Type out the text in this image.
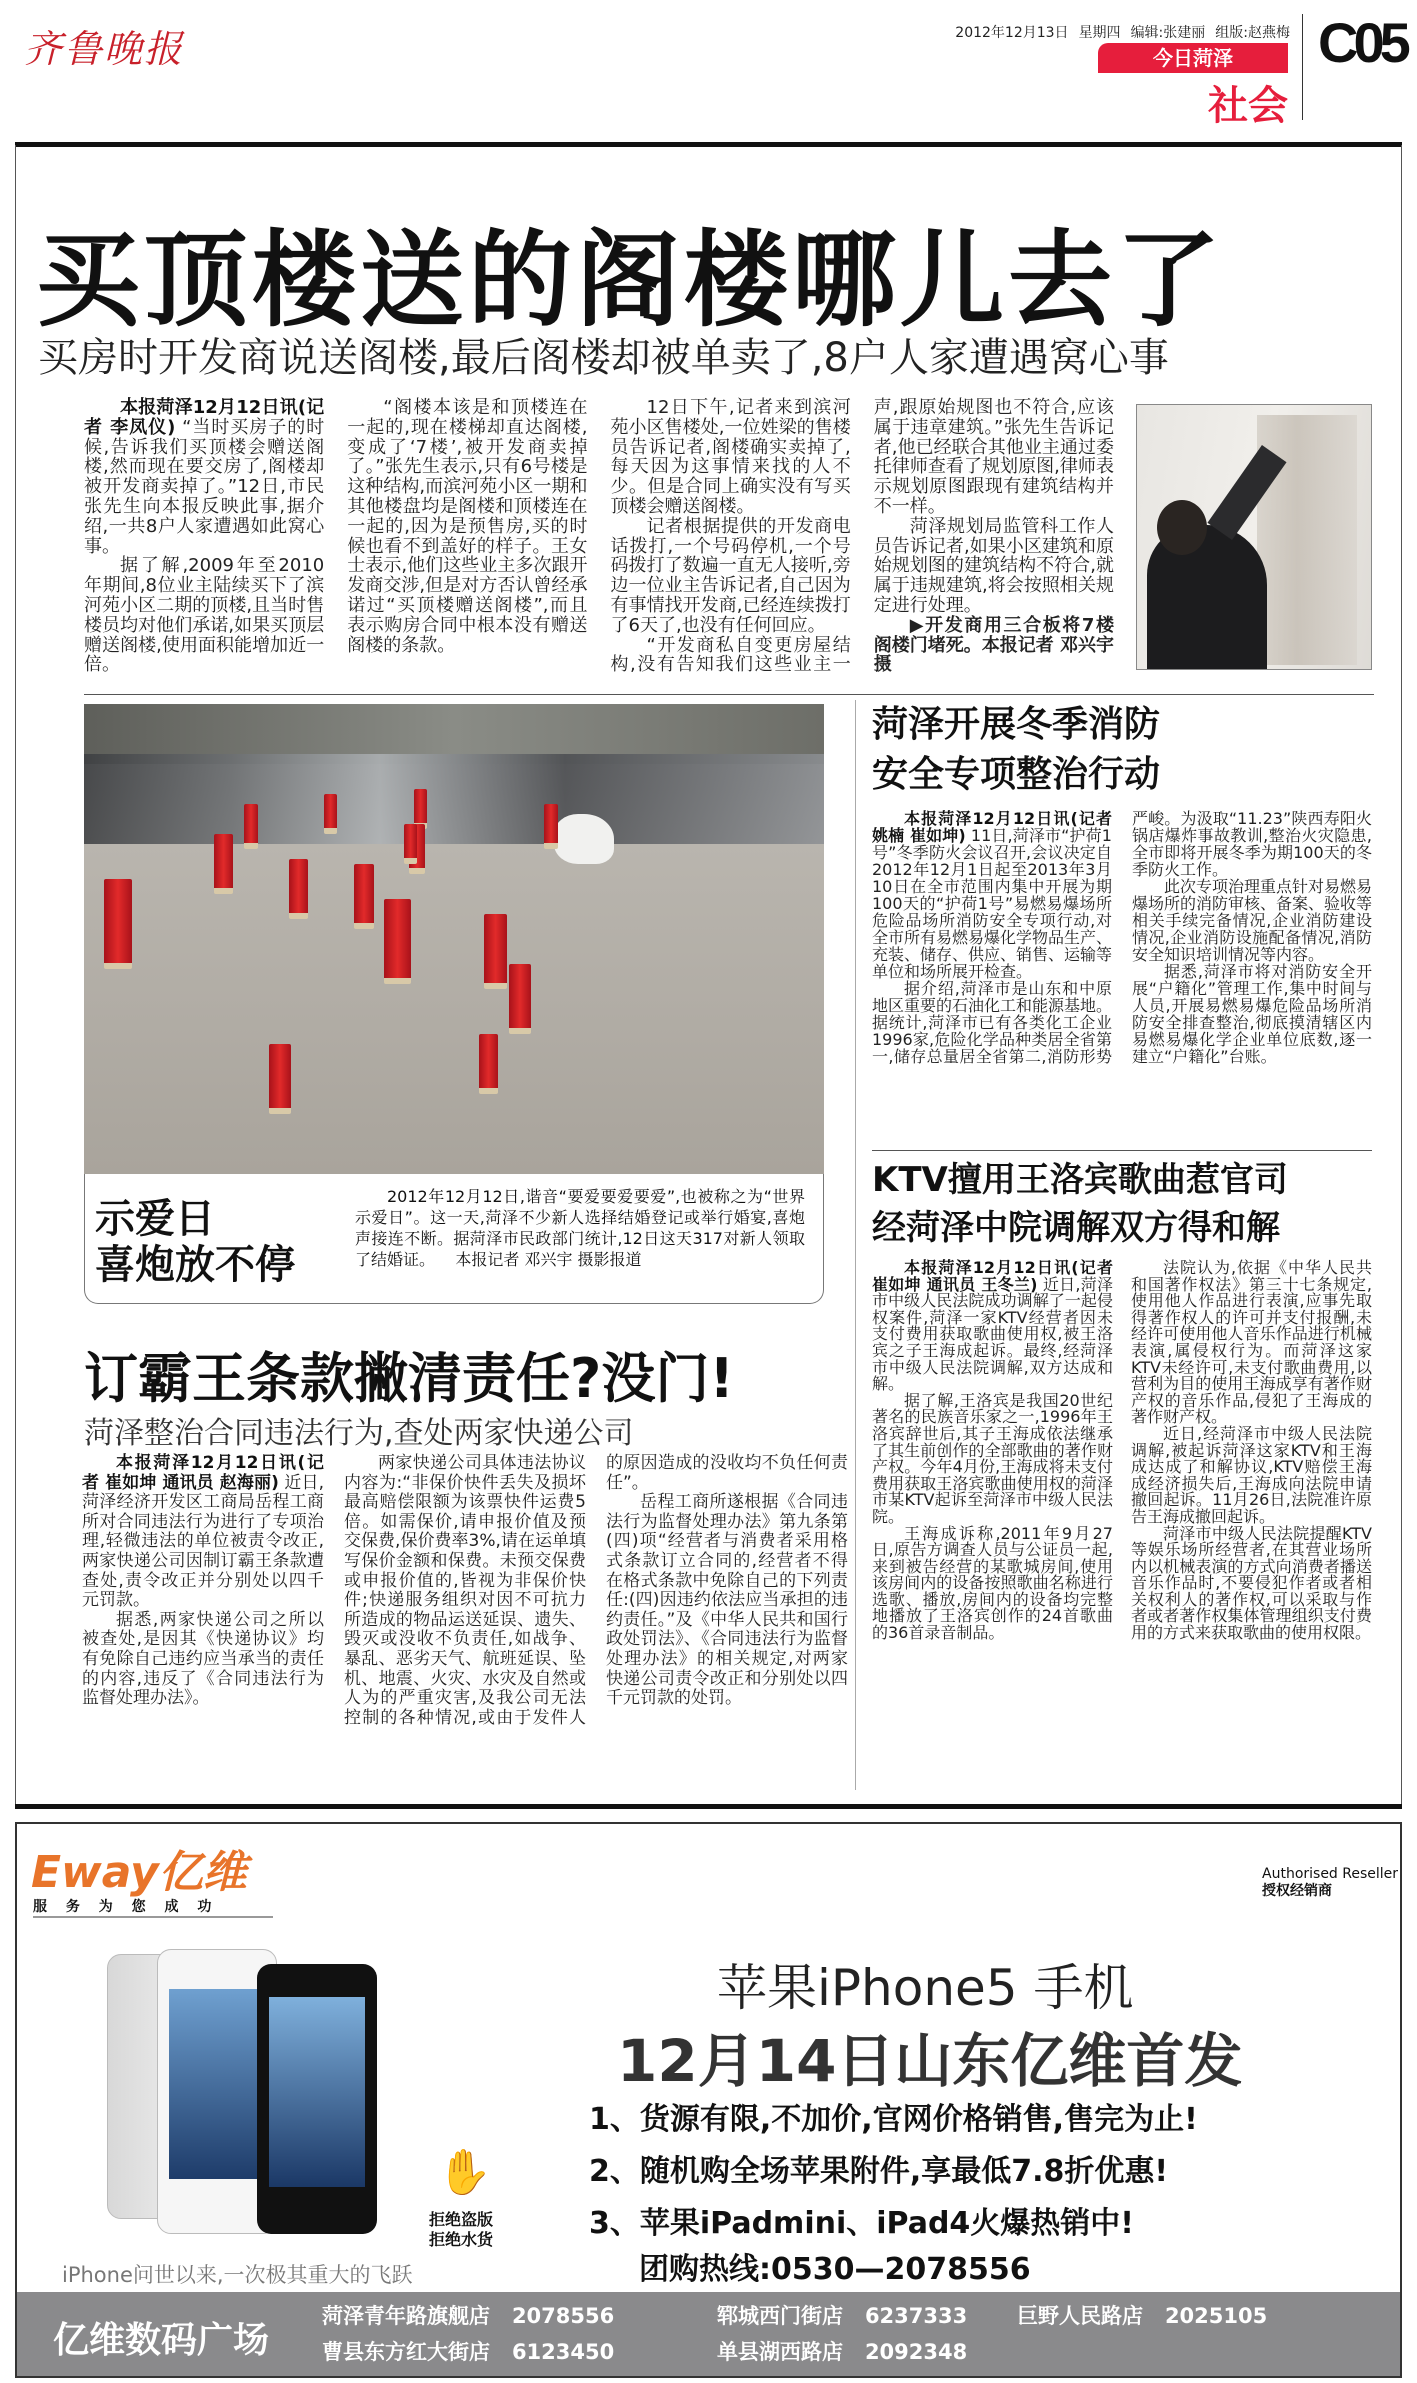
齐鲁晚报	2012年12月13日 星期四 编辑:张建丽 组版:赵燕梅
今日菏泽
社会
C05
买顶楼送的阁楼哪儿去了
买房时开发商说送阁楼,最后阁楼却被单卖了,8户人家遭遇窝心事

本报菏泽12月12日讯(记者 李凤仪) “当时买房子的时候,告诉我们买顶楼会赠送阁楼,然而现在要交房了,阁楼却被开发商卖掉了。”12日,市民张先生向本报反映此事,据介绍,一共8户人家遭遇如此窝心事。

据了解,2009年至2010年期间,8位业主陆续买下了滨河苑小区二期的顶楼,且当时售楼员均对他们承诺,如果买顶层赠送阁楼,使用面积能增加近一倍。

“阁楼本该是和顶楼连在一起的,现在楼梯却直达阁楼,变成了‘7楼’,被开发商卖掉了。”张先生表示,只有6号楼是这种结构,而滨河苑小区一期和其他楼盘均是阁楼和顶楼连在一起的,因为是预售房,买的时候也看不到盖好的样子。王女士表示,他们这些业主多次跟开发商交涉,但是对方否认曾经承诺过“买顶楼赠送阁楼”,而且表示购房合同中根本没有赠送阁楼的条款。

12日下午,记者来到滨河苑小区售楼处,一位姓梁的售楼员告诉记者,阁楼确实卖掉了,每天因为这事情来找的人不少。但是合同上确实没有写买顶楼会赠送阁楼。

记者根据提供的开发商电话拨打,一个号码停机,一个号码拨打了数遍一直无人接听,旁边一位业主告诉记者,自己因为有事情找开发商,已经连续拨打了6天了,也没有任何回应。

“开发商私自变更房屋结构,没有告知我们这些业主一声,跟原始规图也不符合,应该属于违章建筑。”张先生告诉记者,他已经联合其他业主通过委托律师查看了规划原图,律师表示规划原图跟现有建筑结构并不一样。

菏泽规划局监管科工作人员告诉记者,如果小区建筑和原始规划图的建筑结构不符合,就属于违规建筑,将会按照相关规定进行处理。

▶开发商用三合板将7楼阁楼门堵死。本报记者 邓兴宇 摄

示爱日
喜炮放不停
2012年12月12日,谐音“要爱要爱要爱”,也被称之为“世界示爱日”。这一天,菏泽不少新人选择结婚登记或举行婚宴,喜炮声接连不断。据菏泽市民政部门统计,12日这天317对新人领取了结婚证。 本报记者 邓兴宇 摄影报道
菏泽开展冬季消防
安全专项整治行动

本报菏泽12月12日讯(记者 姚楠 崔如坤) 11日,菏泽市“护荷1号”冬季防火会议召开,会议决定自2012年12月1日起至2013年3月10日在全市范围内集中开展为期100天的“护荷1号”易燃易爆场所危险品场所消防安全专项行动,对全市所有易燃易爆化学物品生产、充装、储存、供应、销售、运输等单位和场所展开检查。

据介绍,菏泽市是山东和中原地区重要的石油化工和能源基地。据统计,菏泽市已有各类化工企业1996家,危险化学品种类居全省第一,储存总量居全省第二,消防形势严峻。为汲取“11.23”陕西寿阳火锅店爆炸事故教训,整治火灾隐患,全市即将开展冬季为期100天的冬季防火工作。

此次专项治理重点针对易燃易爆场所的消防审核、备案、验收等相关手续完备情况,企业消防建设情况,企业消防设施配备情况,消防安全知识培训情况等内容。

据悉,菏泽市将对消防安全开展“户籍化”管理工作,集中时间与人员,开展易燃易爆危险品场所消防安全排查整治,彻底摸清辖区内易燃易爆化学企业单位底数,逐一建立“户籍化”台账。

KTV擅用王洛宾歌曲惹官司
经菏泽中院调解双方得和解

本报菏泽12月12日讯(记者 崔如坤 通讯员 王冬兰) 近日,菏泽市中级人民法院成功调解了一起侵权案件,菏泽一家KTV经营者因未支付费用获取歌曲使用权,被王洛宾之子王海成起诉。最终,经菏泽市中级人民法院调解,双方达成和解。

据了解,王洛宾是我国20世纪著名的民族音乐家之一,1996年王洛宾辞世后,其子王海成依法继承了其生前创作的全部歌曲的著作财产权。今年4月份,王海成将未支付费用获取王洛宾歌曲使用权的菏泽市某KTV起诉至菏泽市中级人民法院。

王海成诉称,2011年9月27日,原告方调查人员与公证员一起,来到被告经营的某歌城房间,使用该房间内的设备按照歌曲名称进行选歌、播放,房间内的设备均完整地播放了王洛宾创作的24首歌曲的36首录音制品。

法院认为,依据《中华人民共和国著作权法》第三十七条规定,使用他人作品进行表演,应事先取得著作权人的许可并支付报酬,未经许可使用他人音乐作品进行机械表演,属侵权行为。而菏泽这家KTV未经许可,未支付歌曲费用,以营利为目的使用王海成享有著作财产权的音乐作品,侵犯了王海成的著作财产权。

近日,经菏泽市中级人民法院调解,被起诉菏泽这家KTV和王海成达成了和解协议,KTV赔偿王海成经济损失后,王海成向法院申请撤回起诉。11月26日,法院准许原告王海成撤回起诉。

菏泽市中级人民法院提醒KTV等娱乐场所经营者,在其营业场所内以机械表演的方式向消费者播送音乐作品时,不要侵犯作者或者相关权利人的著作权,可以采取与作者或者著作权集体管理组织支付费用的方式来获取歌曲的使用权限。

订霸王条款撇清责任?没门!
菏泽整治合同违法行为,查处两家快递公司

本报菏泽12月12日讯(记者 崔如坤 通讯员 赵海丽) 近日,菏泽经济开发区工商局岳程工商所对合同违法行为进行了专项治理,轻微违法的单位被责令改正,两家快递公司因制订霸王条款遭查处,责令改正并分别处以四千元罚款。

据悉,两家快递公司之所以被查处,是因其《快递协议》均有免除自己违约应当承当的责任的内容,违反了《合同违法行为监督处理办法》。

两家快递公司具体违法协议内容为:“非保价快件丢失及损坏最高赔偿限额为该票快件运费5倍。如需保价,请申报价值及预交保费,保价费率3%,请在运单填写保价金额和保费。未预交保费或申报价值的,皆视为非保价快件;快递服务组织对因不可抗力所造成的物品运送延误、遗失、毁灭或没收不负责任,如战争、暴乱、恶劣天气、航班延误、坠机、地震、火灾、水灾及自然或人为的严重灾害,及我公司无法控制的各种情况,或由于发件人的原因造成的没收均不负任何责任”。

岳程工商所遂根据《合同违法行为监督处理办法》第九条第(四)项“经营者与消费者采用格式条款订立合同的,经营者不得在格式条款中免除自己的下列责任:(四)因违约依法应当承担的违约责任。”及《中华人民共和国行政处罚法》、《合同违法行为监督处理办法》的相关规定,对两家快递公司责令改正和分别处以四千元罚款的处罚。

Eway亿维
服 务 为 您 成 功
Authorised Reseller
授权经销商
✋
拒绝盗版
拒绝水货
iPhone问世以来,一次极其重大的飞跃
苹果iPhone5 手机
12月14日山东亿维首发
1、货源有限,不加价,官网价格销售,售完为止!
2、随机购全场苹果附件,享最低7.8折优惠!
3、苹果iPadmini、iPad4火爆热销中!
团购热线:0530—2078556
亿维数码广场
菏泽青年路旗舰店 2078556
曹县东方红大街店 6123450
郓城西门街店 6237333
单县湖西路店 2092348
巨野人民路店 2025105
